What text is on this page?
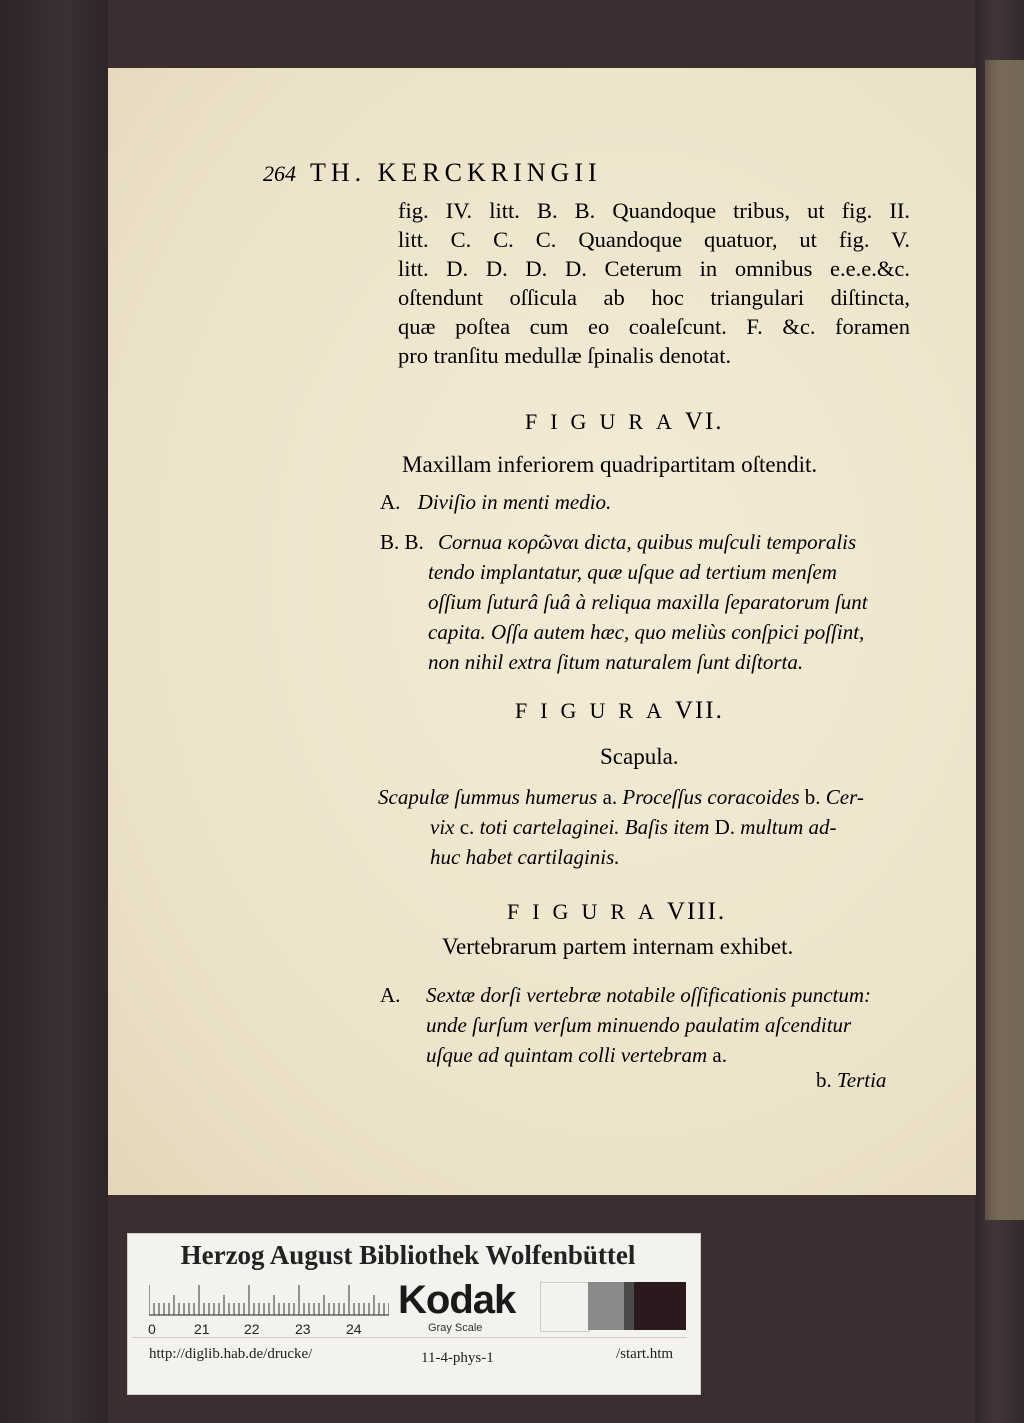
264 TH. KERCKRINGII
fig. IV. litt. B. B. Quandoque tribus, ut fig. II.
litt. C. C. C. Quandoque quatuor, ut fig. V.
litt. D. D. D. D. Ceterum in omnibus e.e.e.&c.
oſtendunt oſſicula ab hoc triangulari diſtincta,
quæ poſtea cum eo coaleſcunt. F. &c. foramen
pro tranſitu medullæ ſpinalis denotat.
FIGURAVI.
Maxillam inferiorem quadripartitam oſtendit.
A. Diviſio in menti medio.
B. B. Cornua κορῶναι dicta, quibus muſculi temporalis
tendo implantatur, quæ uſque ad tertium menſem
oſſium ſuturâ ſuâ à reliqua maxilla ſeparatorum ſunt
capita. Oſſa autem hæc, quo meliùs conſpici poſſint,
non nihil extra ſitum naturalem ſunt diſtorta.
FIGURAVII.
Scapula.
Scapulæ ſummus humerus a. Proceſſus coracoides b. Cer-
vix c. toti cartelaginei. Baſis item D. multum ad-
huc habet cartilaginis.
FIGURAVIII.
Vertebrarum partem internam exhibet.
A. Sextæ dorſi vertebræ notabile oſſificationis punctum:
unde ſurſum verſum minuendo paulatim aſcenditur
uſque ad quintam colli vertebram a.
b. Tertia
Herzog August Bibliothek Wolfenbüttel
0	21 22	23	24
Kodak
Gray Scale
http://diglib.hab.de/drucke/	11-4-phys-1	/start.htm
